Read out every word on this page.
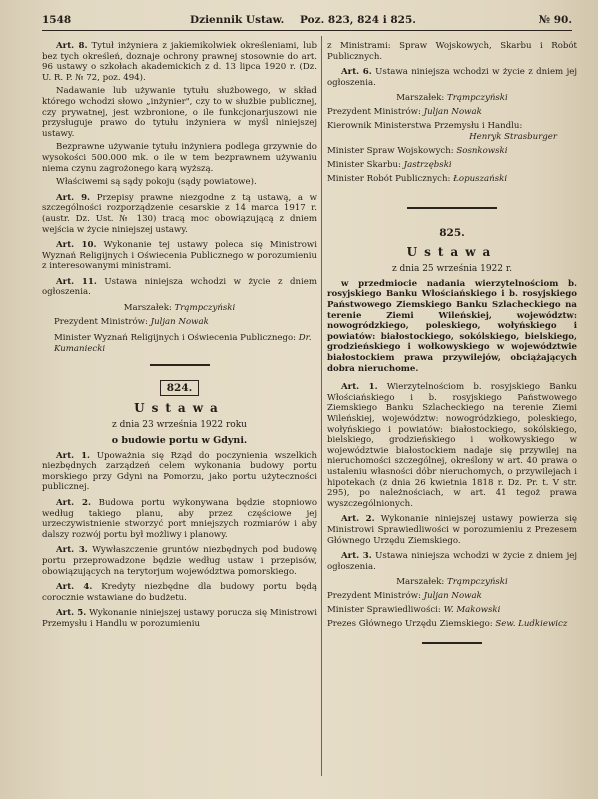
1548	Dziennik Ustaw. Poz. 823, 824 i 825.	№ 90.

Art. 8. Tytuł inżyniera z jakiemikolwiek określeniami, lub bez tych określeń, doznaje ochrony prawnej stosownie do art. 96 ustawy o szkołach akademickich z d. 13 lipca 1920 r. (Dz. U. R. P. № 72, poz. 494).

Nadawanie lub używanie tytułu służbowego, w skład którego wchodzi słowo „inżynier", czy to w służbie publicznej, czy prywatnej, jest wzbronione, o ile funkcjonarjuszowi nie przysługuje prawo do tytułu inżyniera w myśl niniejszej ustawy.

Bezprawne używanie tytułu inżyniera podlega grzywnie do wysokości 500.000 mk. o ile w tem bezprawnem używaniu niema czynu zagrożonego karą wyższą.

Właściwemi są sądy pokoju (sądy powiatowe).

Art. 9. Przepisy prawne niezgodne z tą ustawą, a w szczególności rozporządzenie cesarskie z 14 marca 1917 r. (austr. Dz. Ust. № 130) tracą moc obowiązującą z dniem wejścia w życie niniejszej ustawy.

Art. 10. Wykonanie tej ustawy poleca się Ministrowi Wyznań Religijnych i Oświecenia Publicznego w porozumieniu z interesowanymi ministrami.

Art. 11. Ustawa niniejsza wchodzi w życie z dniem ogłoszenia.

Marszałek: Trąmpczyński
Prezydent Ministrów: Juljan Nowak
Minister Wyznań Religijnych i Oświecenia Publicznego: Dr. Kumaniecki
824.
Ustawa
z dnia 23 września 1922 roku
o budowie portu w Gdyni.

Art. 1. Upoważnia się Rząd do poczynienia wszelkich niezbędnych zarządzeń celem wykonania budowy portu morskiego przy Gdyni na Pomorzu, jako portu użyteczności publicznej.

Art. 2. Budowa portu wykonywana będzie stopniowo według takiego planu, aby przez częściowe jej urzeczywistnienie stworzyć port mniejszych rozmiarów i aby dalszy rozwój portu był możliwy i planowy.

Art. 3. Wywłaszczenie gruntów niezbędnych pod budowę portu przeprowadzone będzie według ustaw i przepisów, obowiązujących na terytorjum województwa pomorskiego.

Art. 4. Kredyty niezbędne dla budowy portu będą corocznie wstawiane do budżetu.

Art. 5. Wykonanie niniejszej ustawy poruczа się Ministrowi Przemysłu i Handlu w porozumieniu

z Ministrami: Spraw Wojskowych, Skarbu i Robót Publicznych.

Art. 6. Ustawa niniejsza wchodzi w życie z dniem jej ogłoszenia.

Marszałek: Trąmpczyński
Prezydent Ministrów: Juljan Nowak
Kierownik Ministerstwa Przemysłu i Handlu:

Henryk Strasburger
Minister Spraw Wojskowych: Sosnkowski
Minister Skarbu: Jastrzębski
Minister Robót Publicznych: Łopuszański
825.
Ustawa
z dnia 25 września 1922 r.
w przedmiocie nadania wierzytelnościom b. rosyjskiego Banku Włościańskiego i b. rosyjskiego Państwowego Ziemskiego Banku Szlacheckiego na terenie Ziemi Wileńskiej, województw: nowogródzkiego, poleskiego, wołyńskiego i powiatów: białostockiego, sokólskiego, bielskiego, grodzieńskiego i wołkowyskiego w województwie białostockiem prawa przywilejów, obciążających dobra nieruchome.

Art. 1. Wierzytelnościom b. rosyjskiego Banku Włościańskiego i b. rosyjskiego Państwowego Ziemskiego Banku Szlacheckiego na terenie Ziemi Wileńskiej, województw: nowogródzkiego, poleskiego, wołyńskiego i powiatów: białostockiego, sokólskiego, bielskiego, grodzieńskiego i wołkowyskiego w województwie białostockiem nadaje się przywilej na nieruchomości szczególnej, określony w art. 40 prawa o ustaleniu własności dóbr nieruchomych, o przywilejach i hipotekach (z dnia 26 kwietnia 1818 r. Dz. Pr. t. V str. 295), po należnościach, w art. 41 tegoż prawa wyszczególnionych.

Art. 2. Wykonanie niniejszej ustawy powierza się Ministrowi Sprawiedliwości w porozumieniu z Prezesem Głównego Urzędu Ziemskiego.

Art. 3. Ustawa niniejsza wchodzi w życie z dniem jej ogłoszenia.

Marszałek: Trąmpczyński
Prezydent Ministrów: Juljan Nowak
Minister Sprawiedliwości: W. Makowski
Prezes Głównego Urzędu Ziemskiego: Sew. Ludkiewicz
